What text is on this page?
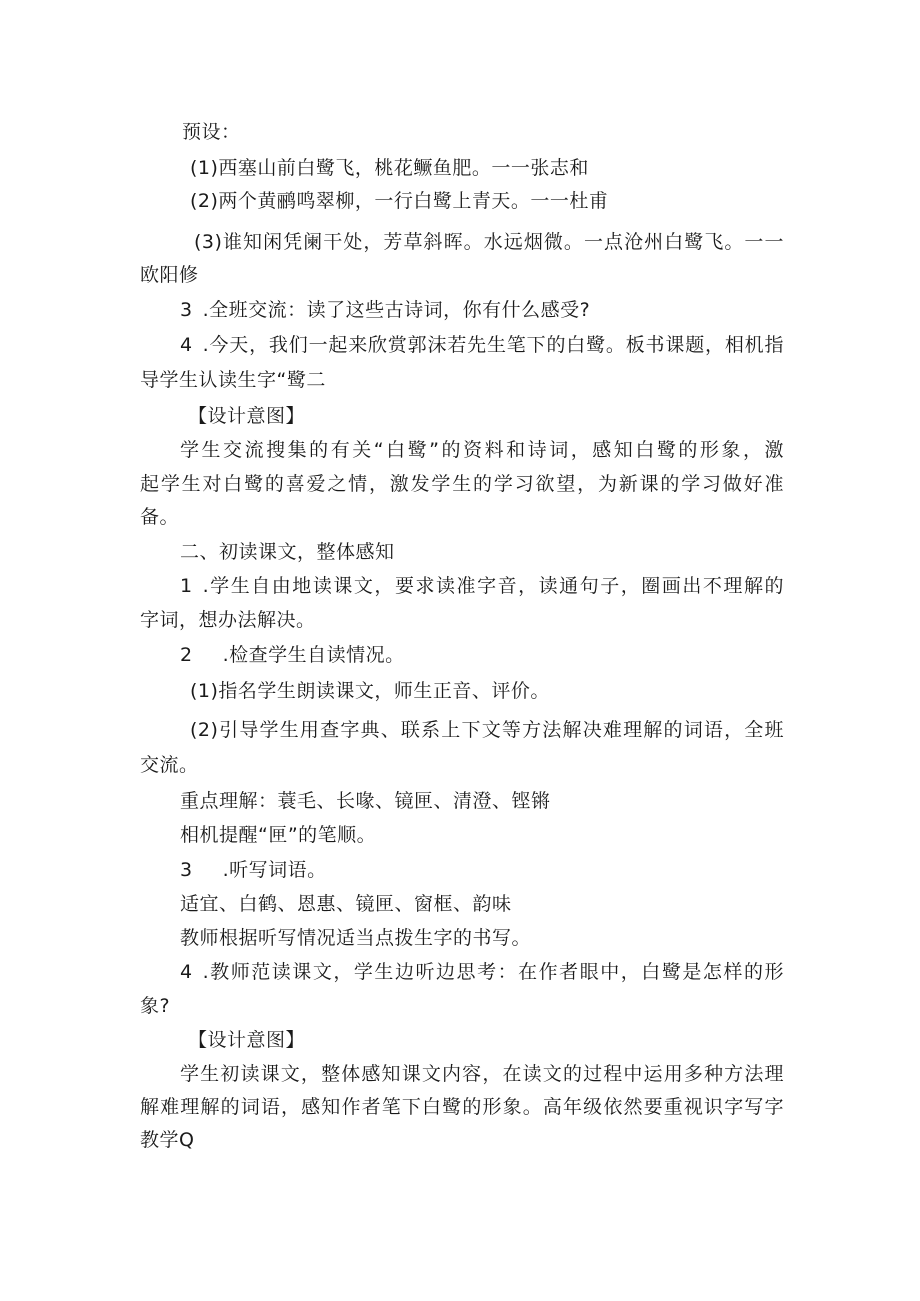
预设：
(1)西塞山前白鹭飞，桃花鳜鱼肥。一一张志和
(2)两个黄鹂鸣翠柳，一行白鹭上青天。一一杜甫
(3)谁知闲凭阑干处，芳草斜晖。水远烟微。一点沧州白鹭飞。一一
欧阳修
3 .全班交流：读了这些古诗词，你有什么感受?
4 .今天，我们一起来欣赏郭沫若先生笔下的白鹭。板书课题，相机指
导学生认读生字“鹭二
【设计意图】
学生交流搜集的有关“白鹭”的资料和诗词，感知白鹭的形象，激
起学生对白鹭的喜爱之情，激发学生的学习欲望，为新课的学习做好准
备。
二、初读课文，整体感知
1 .学生自由地读课文，要求读准字音，读通句子，圈画出不理解的
字词，想办法解决。
2 .检查学生自读情况。
(1)指名学生朗读课文，师生正音、评价。
(2)引导学生用查字典、联系上下文等方法解决难理解的词语，全班
交流。
重点理解：蓑毛、长喙、镜匣、清澄、铿锵
相机提醒“匣”的笔顺。
3 .听写词语。
适宜、白鹤、恩惠、镜匣、窗框、韵味
教师根据听写情况适当点拨生字的书写。
4 .教师范读课文，学生边听边思考：在作者眼中，白鹭是怎样的形
象?
【设计意图】
学生初读课文，整体感知课文内容，在读文的过程中运用多种方法理
解难理解的词语，感知作者笔下白鹭的形象。高年级依然要重视识字写字
教学Q
